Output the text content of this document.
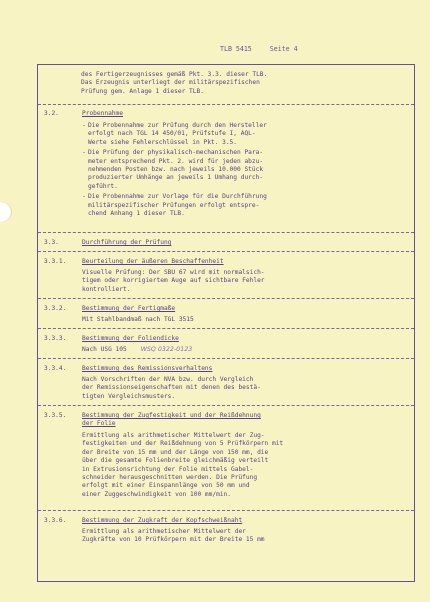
TLB 5415	Seite 4

des Fertigerzeugnisses gemäß Pkt. 3.3. dieser TLB.

Das Erzeugnis unterliegt der militärspezifischen

Prüfung gem. Anlage 1 dieser TLB.

3.2.	Probennahme
- Die Probennahme zur Prüfung durch den Hersteller
erfolgt nach TGL 14 450/01, Prüfstufe I, AQL-
Werte siehe Fehlerschlüssel in Pkt. 3.5.
- Die Prüfung der physikalisch-mechanischen Para-
meter entsprechend Pkt. 2. wird für jeden abzu-
nehmenden Posten bzw. nach jeweils 10.000 Stück
produzierter Umhänge an jeweils 1 Umhang durch-
geführt.
- Die Probennahme zur Vorlage für die Durchführung
militärspezifischer Prüfungen erfolgt entspre-
chend Anhang 1 dieser TLB.
3.3.	Durchführung der Prüfung
3.3.1.	Beurteilung der äußeren Beschaffenheit
Visuelle Prüfung: Der SBU 67 wird mit normalsich-
tigem oder korrigiertem Auge auf sichtbare Fehler
kontrolliert.
3.3.2.	Bestimmung der Fertigmaße
Mit Stahlbandmaß nach TGL 3515
3.3.3.	Bestimmung der Foliendicke
Nach USG 105 WSQ 0322-0123
3.3.4.	Bestimmung des Remissionsverhaltens
Nach Vorschriften der NVA bzw. durch Vergleich
der Remissionseigenschaften mit denen des bestä-
tigten Vergleichsmusters.
3.3.5.	Bestimmung der Zugfestigkeit und der Reißdehnung
der Folie
Ermittlung als arithmetischer Mittelwert der Zug-
festigkeiten und der Reißdehnung von 5 Prüfkörpern mit
der Breite von 15 mm und der Länge von 150 mm, die
über die gesamte Folienbreite gleichmäßig verteilt
in Extrusionsrichtung der Folie mittels Gabel-
schneider herausgeschnitten werden. Die Prüfung
erfolgt mit einer Einspannlänge von 50 mm und
einer Zuggeschwindigkeit von 100 mm/min.
3.3.6.	Bestimmung der Zugkraft der Kopfschweißnaht
Ermittlung als arithmetischer Mittelwert der
Zugkräfte von 10 Prüfkörpern mit der Breite 15 mm
